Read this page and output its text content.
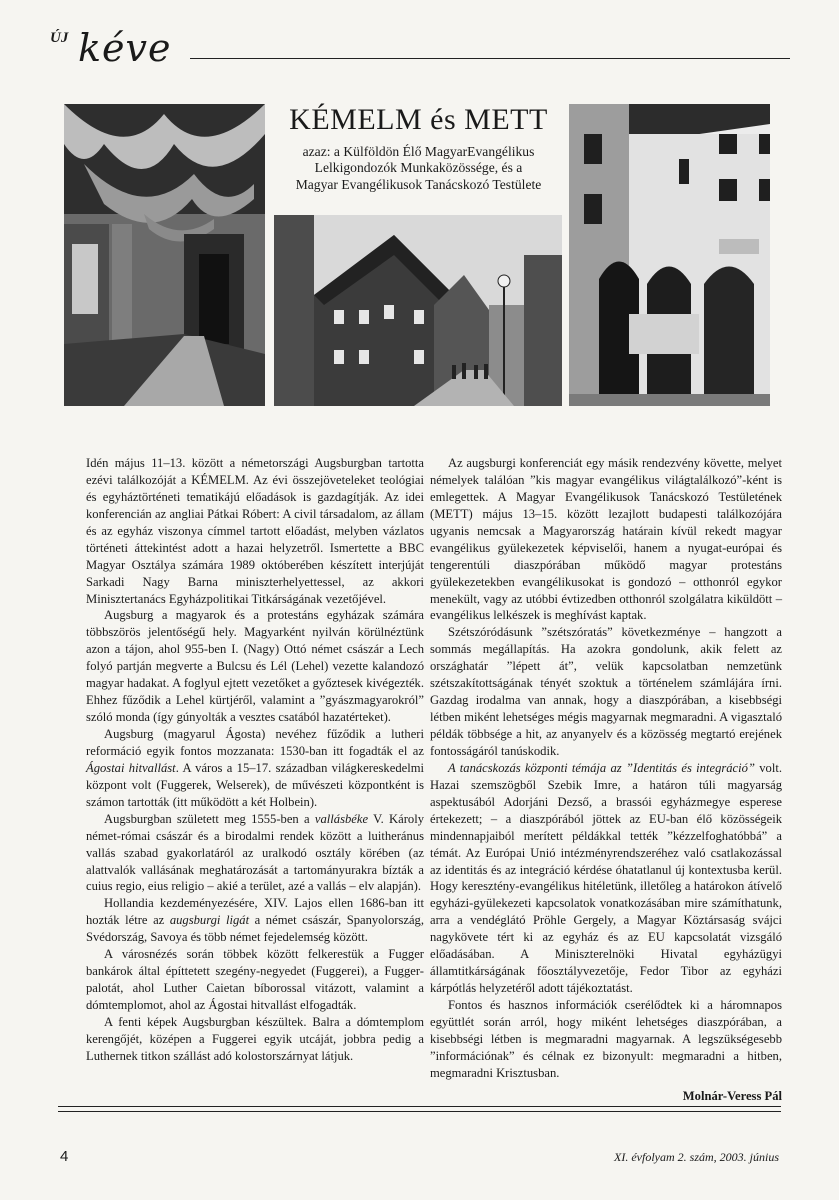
ÚJ kéve
KÉMELM és METT
azaz: a Külföldön Élő MagyarEvangélikus
Lelkigondozók Munkaközössége, és a
Magyar Evangélikusok Tanácskozó Testülete

Idén május 11–13. között a németországi Augsburgban tartotta ezévi találkozóját a KÉMELM. Az évi összejöveteleket teológiai és egyháztörténeti tematikájú előadások is gazdagítják. Az idei konferencián az angliai Pátkai Róbert: A civil társadalom, az állam és az egyház viszonya címmel tartott előadást, melyben vázlatos történeti áttekintést adott a hazai helyzetről. Ismertette a BBC Magyar Osztálya számára 1989 októberében készített interjúját Sarkadi Nagy Barna miniszterhelyettessel, az akkori Minisztertanács Egyházpolitikai Titkárságának vezetőjével.

Augsburg a magyarok és a protestáns egyházak számára többszörös jelentőségű hely. Magyarként nyilván körülnéztünk azon a tájon, ahol 955-ben I. (Nagy) Ottó német császár a Lech folyó partján megverte a Bulcsu és Lél (Lehel) vezette kalandozó magyar hadakat. A foglyul ejtett vezetőket a győztesek kivégezték. Ehhez fűződik a Lehel kürtjéről, valamint a ”gyászmagyarokról” szóló monda (így gúnyolták a vesztes csatából hazatérteket).

Augsburg (magyarul Ágosta) nevéhez fűződik a lutheri reformáció egyik fontos mozzanata: 1530-ban itt fogadták el az Ágostai hitvallást. A város a 15–17. században világkereskedelmi központ volt (Fuggerek, Welserek), de művészeti központként is számon tartották (itt működött a két Holbein).

Augsburgban született meg 1555-ben a vallásbéke V. Károly német-római császár és a birodalmi rendek között a luitheránus vallás szabad gyakorlatáról az uralkodó osztály körében (az alattvalók vallásának meghatározását a tartományurakra bízták a cuius regio, eius religio – akié a terület, azé a vallás – elv alapján).

Hollandia kezdeményezésére, XIV. Lajos ellen 1686-ban itt hozták létre az augsburgi ligát a német császár, Spanyolország, Svédország, Savoya és több német fejedelemség között.

A városnézés során többek között felkerestük a Fugger bankárok által építtetett szegény-negyedet (Fuggerei), a Fugger-palotát, ahol Luther Caietan bíborossal vitázott, valamint a dómtemplomot, ahol az Ágostai hitvallást elfogadták.

A fenti képek Augsburgban készültek. Balra a dómtemplom kerengőjét, középen a Fuggerei egyik utcáját, jobbra pedig a Luthernek titkon szállást adó kolostorszárnyat látjuk.

Az augsburgi konferenciát egy másik rendezvény követte, melyet némelyek találóan ”kis magyar evangélikus világtalálkozó”-ként is emlegettek. A Magyar Evangélikusok Tanácskozó Testületének (METT) május 13–15. között lezajlott budapesti találkozójára ugyanis nemcsak a Magyarország határain kívül rekedt magyar evangélikus gyülekezetek képviselői, hanem a nyugat-európai és tengerentúli diaszpórában működő magyar protestáns gyülekezetekben evangélikusokat is gondozó – otthonról egykor menekült, vagy az utóbbi évtizedben otthonról szolgálatra kiküldött – evangélikus lelkészek is meghívást kaptak.

Szétszóródásunk ”szétszóratás” következménye – hangzott a sommás megállapítás. Ha azokra gondolunk, akik felett az országhatár ”lépett át”, velük kapcsolatban nemzetünk szétszakítottságának tényét szoktuk a történelem számlájára írni. Gazdag irodalma van annak, hogy a diaszpórában, a kisebbségi létben miként lehetséges mégis magyarnak megmaradni. A vigasztaló példák többsége a hit, az anyanyelv és a közösség megtartó erejének fontosságáról tanúskodik.

A tanácskozás központi témája az ”Identitás és integráció” volt. Hazai szemszögből Szebik Imre, a határon túli magyarság aspektusából Adorjáni Dezső, a brassói egyházmegye esperese értekezett; – a diaszpórából jöttek az EU-ban élő közösségeik mindennapjaiból merített példákkal tették ”kézzelfoghatóbbá” a témát. Az Európai Unió intézményrendszeréhez való csatlakozással az identitás és az integráció kérdése óhatatlanul új kontextusba kerül. Hogy keresztény-evangélikus hitéletünk, illetőleg a határokon átívelő egyházi-gyülekezeti kapcsolatok vonatkozásában mire számíthatunk, arra a vendéglátó Pröhle Gergely, a Magyar Köztársaság svájci nagykövete tért ki az egyház és az EU kapcsolatát vizsgáló előadásában. A Miniszterelnöki Hivatal egyházügyi államtitkárságának főosztályvezetője, Fedor Tibor az egyházi kárpótlás helyzetéről adott tájékoztatást.

Fontos és hasznos információk cserélődtek ki a háromnapos együttlét során arról, hogy miként lehetséges diaszpórában, a kisebbségi létben is megmaradni magyarnak. A legszükségesebb ”információnak” és célnak ez bizonyult: megmaradni a hitben, megmaradni Krisztusban.

Molnár-Veress Pál
4	XI. évfolyam 2. szám, 2003. június
